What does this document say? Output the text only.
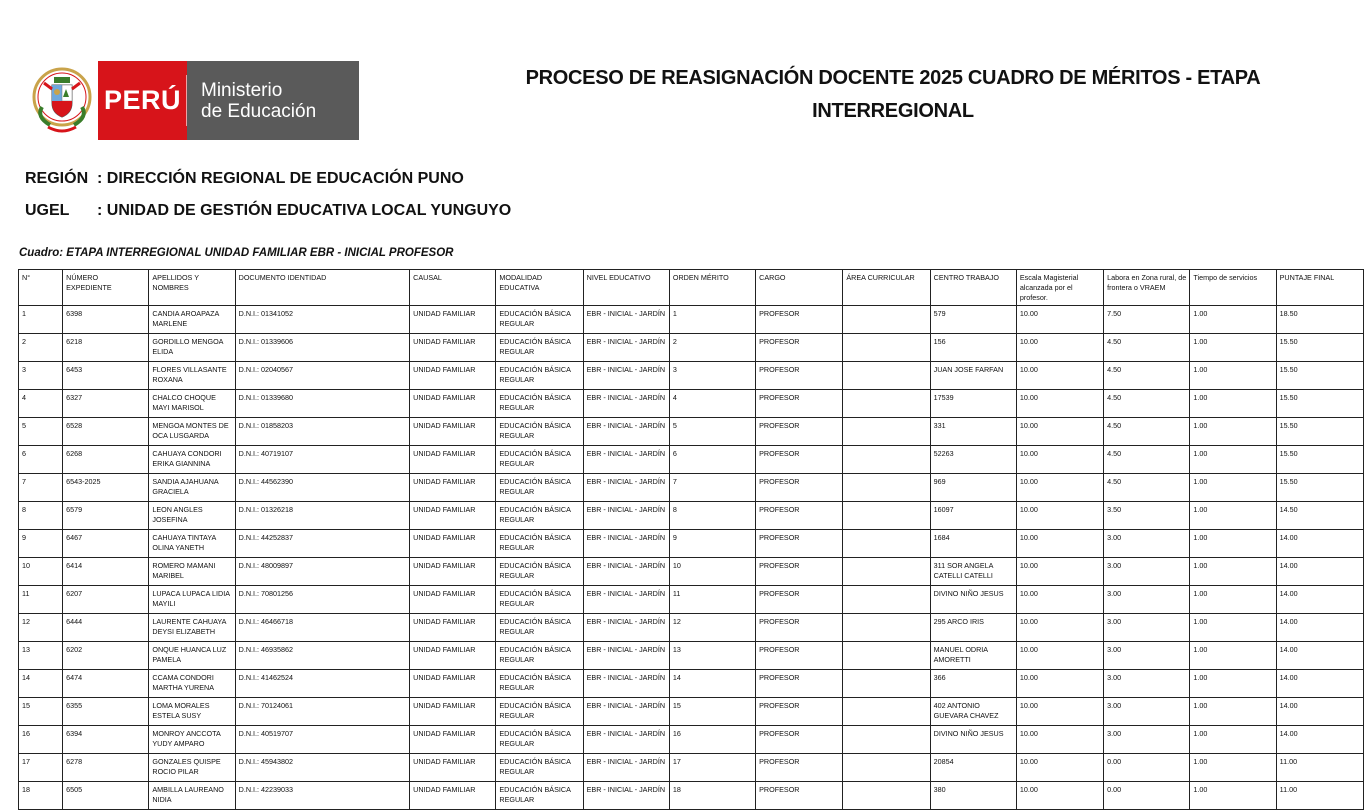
PERÚ Ministerio
de Educación
PROCESO DE REASIGNACIÓN DOCENTE 2025 CUADRO DE MÉRITOS - ETAPA INTERREGIONAL
REGIÓN : DIRECCIÓN REGIONAL DE EDUCACIÓN PUNO
UGEL : UNIDAD DE GESTIÓN EDUCATIVA LOCAL YUNGUYO
Cuadro: ETAPA INTERREGIONAL UNIDAD FAMILIAR EBR - INICIAL PROFESOR
N°	NÚMERO EXPEDIENTE	APELLIDOS Y NOMBRES	DOCUMENTO IDENTIDAD	CAUSAL	MODALIDAD EDUCATIVA	NIVEL EDUCATIVO	ORDEN MÉRITO	CARGO	ÁREA CURRICULAR	CENTRO TRABAJO	Escala Magisterial alcanzada por el profesor.	Labora en Zona rural, de frontera o VRAEM	Tiempo de servicios	PUNTAJE FINAL
1	6398	CANDIA AROAPAZA MARLENE	D.N.I.: 01341052	UNIDAD FAMILIAR	EDUCACIÓN BÁSICA REGULAR	EBR - INICIAL - JARDÍN	1	PROFESOR		579	10.00	7.50	1.00	18.50
2	6218	GORDILLO MENGOA ELIDA	D.N.I.: 01339606	UNIDAD FAMILIAR	EDUCACIÓN BÁSICA REGULAR	EBR - INICIAL - JARDÍN	2	PROFESOR		156	10.00	4.50	1.00	15.50
3	6453	FLORES VILLASANTE ROXANA	D.N.I.: 02040567	UNIDAD FAMILIAR	EDUCACIÓN BÁSICA REGULAR	EBR - INICIAL - JARDÍN	3	PROFESOR		JUAN JOSE FARFAN	10.00	4.50	1.00	15.50
4	6327	CHALCO CHOQUE MAYI MARISOL	D.N.I.: 01339680	UNIDAD FAMILIAR	EDUCACIÓN BÁSICA REGULAR	EBR - INICIAL - JARDÍN	4	PROFESOR		17539	10.00	4.50	1.00	15.50
5	6528	MENGOA MONTES DE OCA LUSGARDA	D.N.I.: 01858203	UNIDAD FAMILIAR	EDUCACIÓN BÁSICA REGULAR	EBR - INICIAL - JARDÍN	5	PROFESOR		331	10.00	4.50	1.00	15.50
6	6268	CAHUAYA CONDORI ERIKA GIANNINA	D.N.I.: 40719107	UNIDAD FAMILIAR	EDUCACIÓN BÁSICA REGULAR	EBR - INICIAL - JARDÍN	6	PROFESOR		52263	10.00	4.50	1.00	15.50
7	6543-2025	SANDIA AJAHUANA GRACIELA	D.N.I.: 44562390	UNIDAD FAMILIAR	EDUCACIÓN BÁSICA REGULAR	EBR - INICIAL - JARDÍN	7	PROFESOR		969	10.00	4.50	1.00	15.50
8	6579	LEON ANGLES JOSEFINA	D.N.I.: 01326218	UNIDAD FAMILIAR	EDUCACIÓN BÁSICA REGULAR	EBR - INICIAL - JARDÍN	8	PROFESOR		16097	10.00	3.50	1.00	14.50
9	6467	CAHUAYA TINTAYA OLINA YANETH	D.N.I.: 44252837	UNIDAD FAMILIAR	EDUCACIÓN BÁSICA REGULAR	EBR - INICIAL - JARDÍN	9	PROFESOR		1684	10.00	3.00	1.00	14.00
10	6414	ROMERO MAMANI MARIBEL	D.N.I.: 48009897	UNIDAD FAMILIAR	EDUCACIÓN BÁSICA REGULAR	EBR - INICIAL - JARDÍN	10	PROFESOR		311 SOR ANGELA CATELLI CATELLI	10.00	3.00	1.00	14.00
11	6207	LUPACA LUPACA LIDIA MAYILI	D.N.I.: 70801256	UNIDAD FAMILIAR	EDUCACIÓN BÁSICA REGULAR	EBR - INICIAL - JARDÍN	11	PROFESOR		DIVINO NIÑO JESUS	10.00	3.00	1.00	14.00
12	6444	LAURENTE CAHUAYA DEYSI ELIZABETH	D.N.I.: 46466718	UNIDAD FAMILIAR	EDUCACIÓN BÁSICA REGULAR	EBR - INICIAL - JARDÍN	12	PROFESOR		295 ARCO IRIS	10.00	3.00	1.00	14.00
13	6202	ONQUE HUANCA LUZ PAMELA	D.N.I.: 46935862	UNIDAD FAMILIAR	EDUCACIÓN BÁSICA REGULAR	EBR - INICIAL - JARDÍN	13	PROFESOR		MANUEL ODRIA AMORETTI	10.00	3.00	1.00	14.00
14	6474	CCAMA CONDORI MARTHA YURENA	D.N.I.: 41462524	UNIDAD FAMILIAR	EDUCACIÓN BÁSICA REGULAR	EBR - INICIAL - JARDÍN	14	PROFESOR		366	10.00	3.00	1.00	14.00
15	6355	LOMA MORALES ESTELA SUSY	D.N.I.: 70124061	UNIDAD FAMILIAR	EDUCACIÓN BÁSICA REGULAR	EBR - INICIAL - JARDÍN	15	PROFESOR		402 ANTONIO GUEVARA CHAVEZ	10.00	3.00	1.00	14.00
16	6394	MONROY ANCCOTA YUDY AMPARO	D.N.I.: 40519707	UNIDAD FAMILIAR	EDUCACIÓN BÁSICA REGULAR	EBR - INICIAL - JARDÍN	16	PROFESOR		DIVINO NIÑO JESUS	10.00	3.00	1.00	14.00
17	6278	GONZALES QUISPE ROCIO PILAR	D.N.I.: 45943802	UNIDAD FAMILIAR	EDUCACIÓN BÁSICA REGULAR	EBR - INICIAL - JARDÍN	17	PROFESOR		20854	10.00	0.00	1.00	11.00
18	6505	AMBILLA LAUREANO NIDIA	D.N.I.: 42239033	UNIDAD FAMILIAR	EDUCACIÓN BÁSICA REGULAR	EBR - INICIAL - JARDÍN	18	PROFESOR		380	10.00	0.00	1.00	11.00
